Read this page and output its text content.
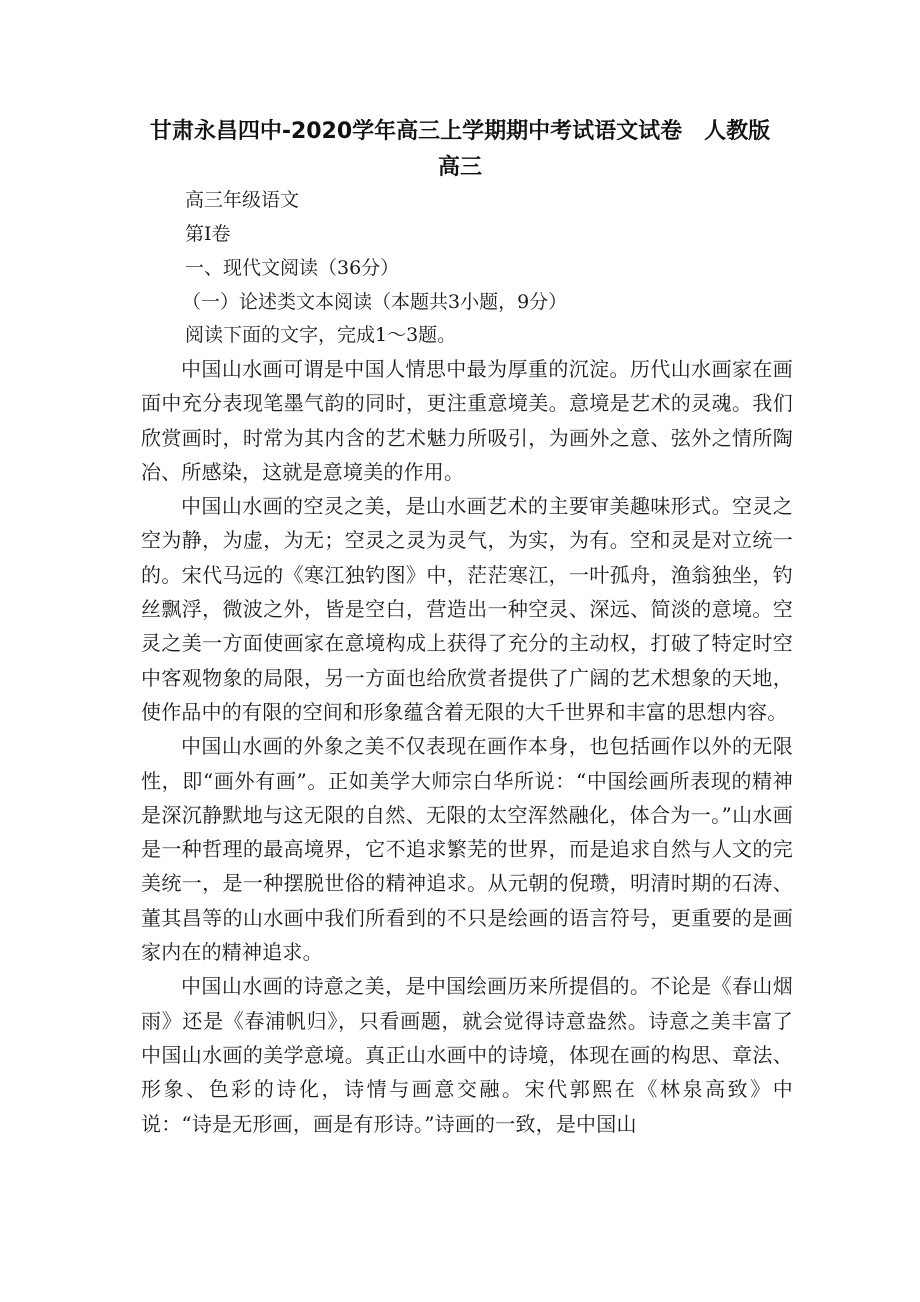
甘肃永昌四中-2020学年高三上学期期中考试语文试卷　人教版
高三

高三年级语文

第Ⅰ卷

一、现代文阅读（36分）

（一）论述类文本阅读（本题共3小题，9分）

阅读下面的文字，完成1～3题。

中国山水画可谓是中国人情思中最为厚重的沉淀。历代山水画家在画面中充分表现笔墨气韵的同时，更注重意境美。意境是艺术的灵魂。我们欣赏画时，时常为其内含的艺术魅力所吸引，为画外之意、弦外之情所陶冶、所感染，这就是意境美的作用。

中国山水画的空灵之美，是山水画艺术的主要审美趣味形式。空灵之空为静，为虚，为无；空灵之灵为灵气，为实，为有。空和灵是对立统一的。宋代马远的《寒江独钓图》中，茫茫寒江，一叶孤舟，渔翁独坐，钓丝飘浮，微波之外，皆是空白，营造出一种空灵、深远、简淡的意境。空灵之美一方面使画家在意境构成上获得了充分的主动权，打破了特定时空中客观物象的局限，另一方面也给欣赏者提供了广阔的艺术想象的天地，使作品中的有限的空间和形象蕴含着无限的大千世界和丰富的思想内容。

中国山水画的外象之美不仅表现在画作本身，也包括画作以外的无限性，即“画外有画”。正如美学大师宗白华所说：“中国绘画所表现的精神是深沉静默地与这无限的自然、无限的太空浑然融化，体合为一。”山水画是一种哲理的最高境界，它不追求繁芜的世界，而是追求自然与人文的完美统一，是一种摆脱世俗的精神追求。从元朝的倪瓒，明清时期的石涛、董其昌等的山水画中我们所看到的不只是绘画的语言符号，更重要的是画家内在的精神追求。

中国山水画的诗意之美，是中国绘画历来所提倡的。不论是《春山烟雨》还是《春浦帆归》，只看画题，就会觉得诗意盎然。诗意之美丰富了中国山水画的美学意境。真正山水画中的诗境，体现在画的构思、章法、形象、色彩的诗化，诗情与画意交融。宋代郭熙在《林泉高致》中说：“诗是无形画，画是有形诗。”诗画的一致，是中国山
